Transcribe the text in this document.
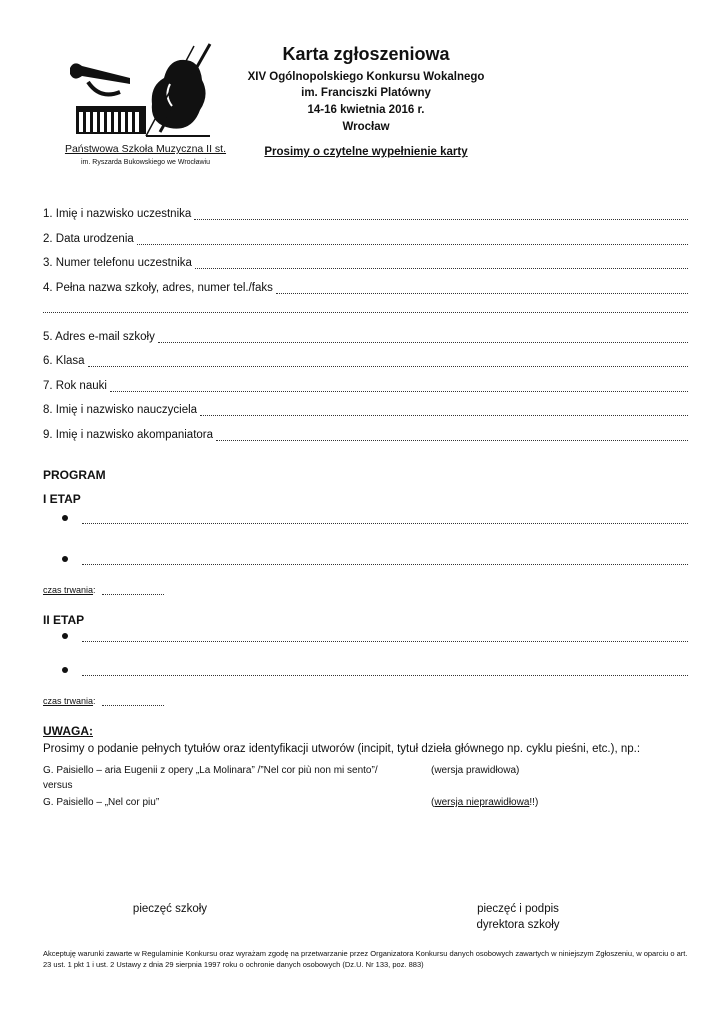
Państwowa Szkoła Muzyczna II st.
im. Ryszarda Bukowskiego we Wrocławiu
Karta zgłoszeniowa
XIV Ogólnopolskiego Konkursu Wokalnego
im. Franciszki Platówny
14-16 kwietnia 2016 r.
Wrocław
Prosimy o czytelne wypełnienie karty
1. Imię i nazwisko uczestnika
2. Data urodzenia
3. Numer telefonu uczestnika
4. Pełna nazwa szkoły, adres, numer tel./faks
5. Adres e-mail szkoły
6. Klasa
7. Rok nauki
8. Imię i nazwisko nauczyciela
9. Imię i nazwisko akompaniatora
PROGRAM
I ETAP
czas trwania :
II ETAP
czas trwania :
UWAGA:
Prosimy o podanie pełnych tytułów oraz identyfikacji utworów (incipit, tytuł dzieła głównego np. cyklu pieśni, etc.), np.:
G. Paisiello – aria Eugenii z opery „La Molinara” /”Nel cor più non mi sento”/	(wersja prawidłowa)
versus
G. Paisiello – „Nel cor piu”	(wersja nieprawidłowa!!)
pieczęć szkoły	pieczęć i podpis
dyrektora szkoły
Akceptuję warunki zawarte w Regulaminie Konkursu oraz wyrażam zgodę na przetwarzanie przez Organizatora Konkursu danych osobowych zawartych w niniejszym Zgłoszeniu, w oparciu o art. 23 ust. 1 pkt 1 i ust. 2 Ustawy z dnia 29 sierpnia 1997 roku o ochronie danych osobowych (Dz.U. Nr 133, poz. 883)
